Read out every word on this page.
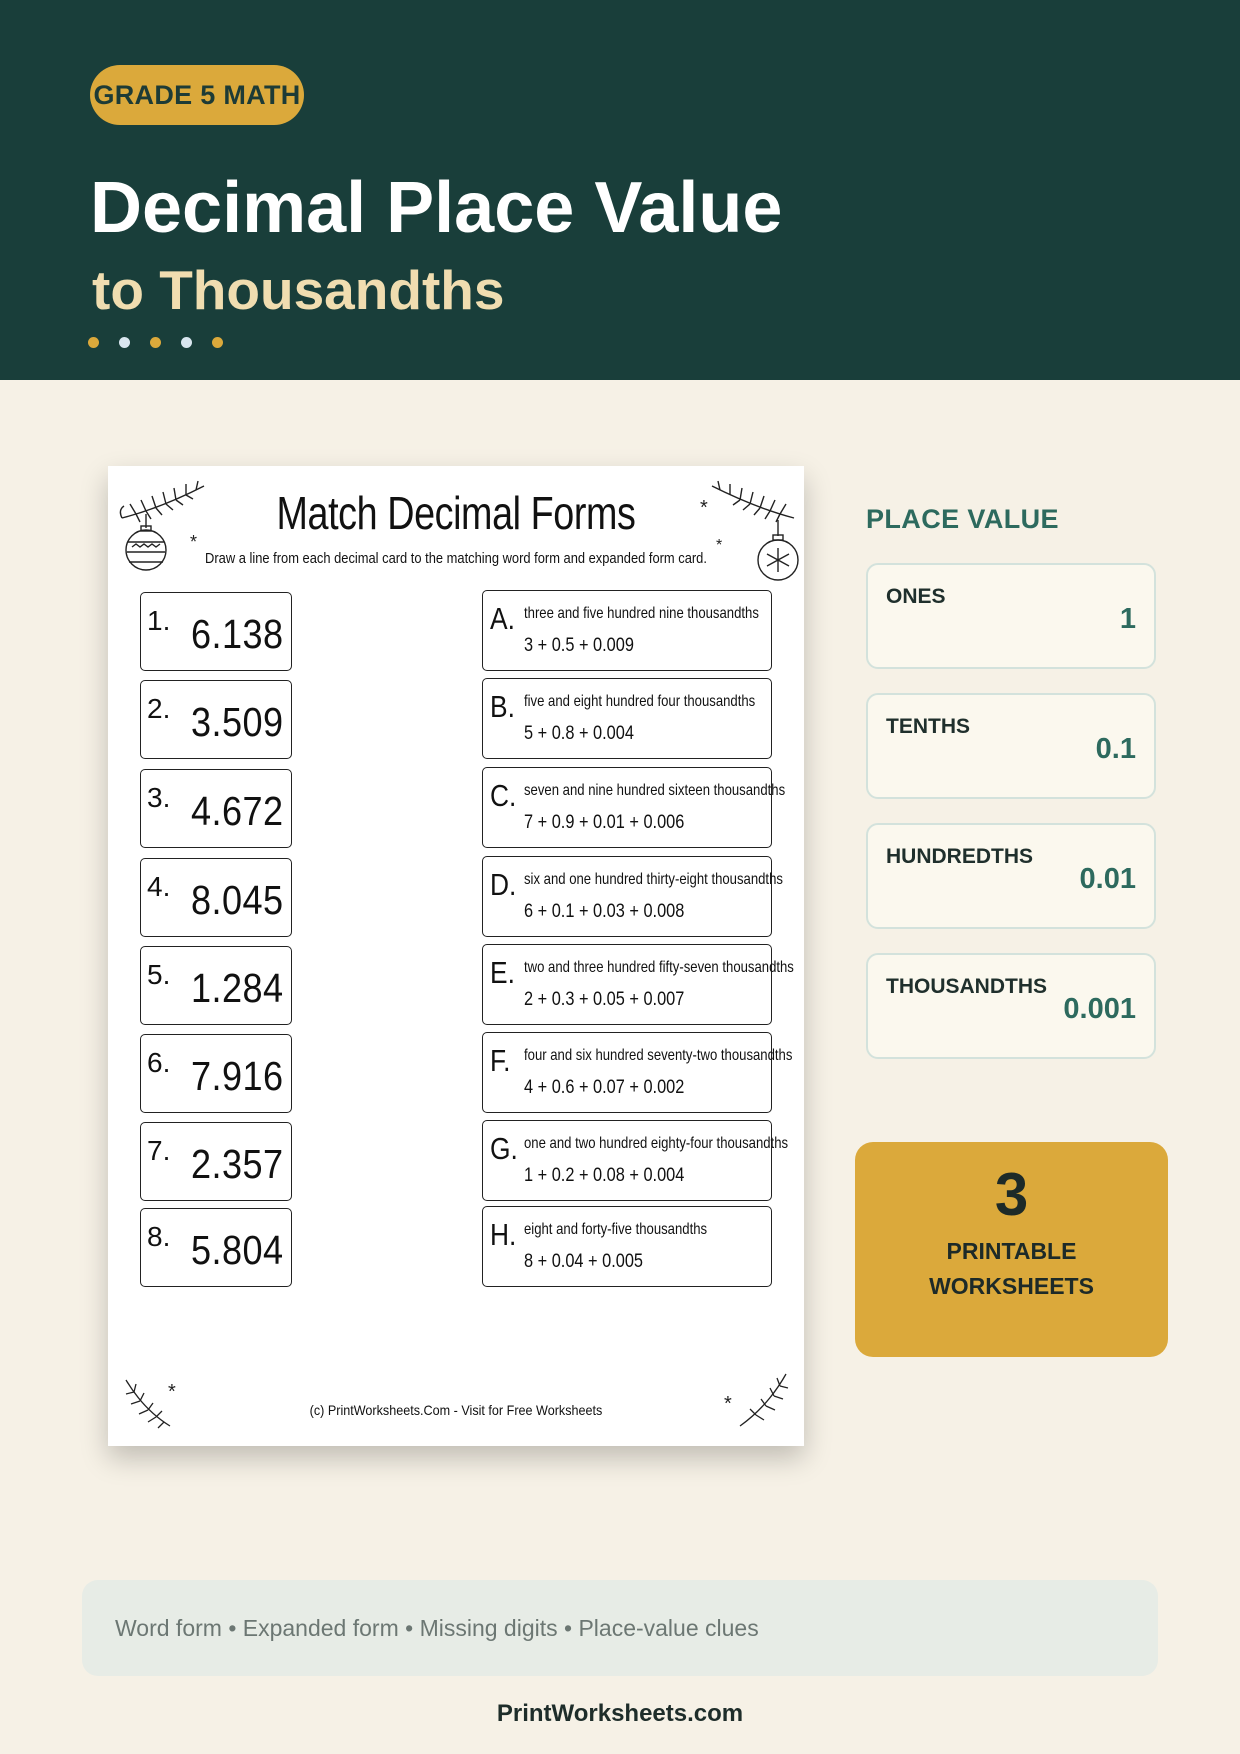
GRADE 5 MATH
Decimal Place Value
to Thousandths
*
*
*
*
*
Match Decimal Forms
Draw a line from each decimal card to the matching word form and expanded form card.
1. 6.138
2. 3.509
3. 4.672
4. 8.045
5. 1.284
6. 7.916
7. 2.357
8. 5.804
A. three and five hundred nine thousandths
3 + 0.5 + 0.009
B. five and eight hundred four thousandths
5 + 0.8 + 0.004
C. seven and nine hundred sixteen thousandths
7 + 0.9 + 0.01 + 0.006
D. six and one hundred thirty-eight thousandths
6 + 0.1 + 0.03 + 0.008
E. two and three hundred fifty-seven thousandths
2 + 0.3 + 0.05 + 0.007
F. four and six hundred seventy-two thousandths
4 + 0.6 + 0.07 + 0.002
G. one and two hundred eighty-four thousandths
1 + 0.2 + 0.08 + 0.004
H. eight and forty-five thousandths
8 + 0.04 + 0.005
(c) PrintWorksheets.Com - Visit for Free Worksheets
PLACE VALUE
ONES
1
TENTHS
0.1
HUNDREDTHS
0.01
THOUSANDTHS
0.001
3
PRINTABLE
WORKSHEETS
Word form • Expanded form • Missing digits • Place-value clues
PrintWorksheets.com
